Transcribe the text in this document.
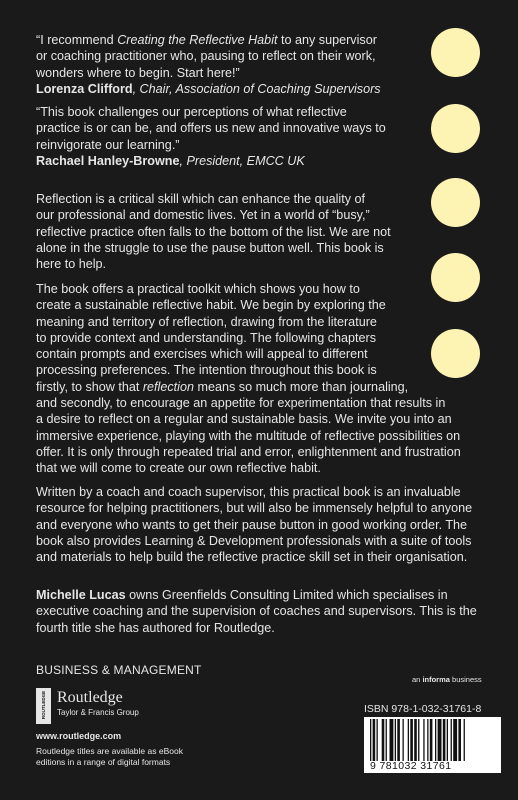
“I recommend Creating the Reflective Habit to any supervisor
or coaching practitioner who, pausing to reflect on their work,
wonders where to begin. Start here!”
Lorenza Clifford, Chair, Association of Coaching Supervisors
“This book challenges our perceptions of what reflective
practice is or can be, and offers us new and innovative ways to
reinvigorate our learning.”
Rachael Hanley-Browne, President, EMCC UK
Reflection is a critical skill which can enhance the quality of
our professional and domestic lives. Yet in a world of “busy,”
reflective practice often falls to the bottom of the list. We are not
alone in the struggle to use the pause button well. This book is
here to help.
The book offers a practical toolkit which shows you how to
create a sustainable reflective habit. We begin by exploring the
meaning and territory of reflection, drawing from the literature
to provide context and understanding. The following chapters
contain prompts and exercises which will appeal to different
processing preferences. The intention throughout this book is
firstly, to show that reflection means so much more than journaling,
and secondly, to encourage an appetite for experimentation that results in
a desire to reflect on a regular and sustainable basis. We invite you into an
immersive experience, playing with the multitude of reflective possibilities on
offer. It is only through repeated trial and error, enlightenment and frustration
that we will come to create our own reflective habit.
Written by a coach and coach supervisor, this practical book is an invaluable
resource for helping practitioners, but will also be immensely helpful to anyone
and everyone who wants to get their pause button in good working order. The
book also provides Learning & Development professionals with a suite of tools
and materials to help build the reflective practice skill set in their organisation.
Michelle Lucas owns Greenfields Consulting Limited which specialises in
executive coaching and the supervision of coaches and supervisors. This is the
fourth title she has authored for Routledge.
BUSINESS & MANAGEMENT
an informa business
ROUTLEDGE Routledge
Taylor & Francis Group
www.routledge.com
Routledge titles are available as eBook
editions in a range of digital formats
ISBN 978-1-032-31761-8
9 781032 31761
